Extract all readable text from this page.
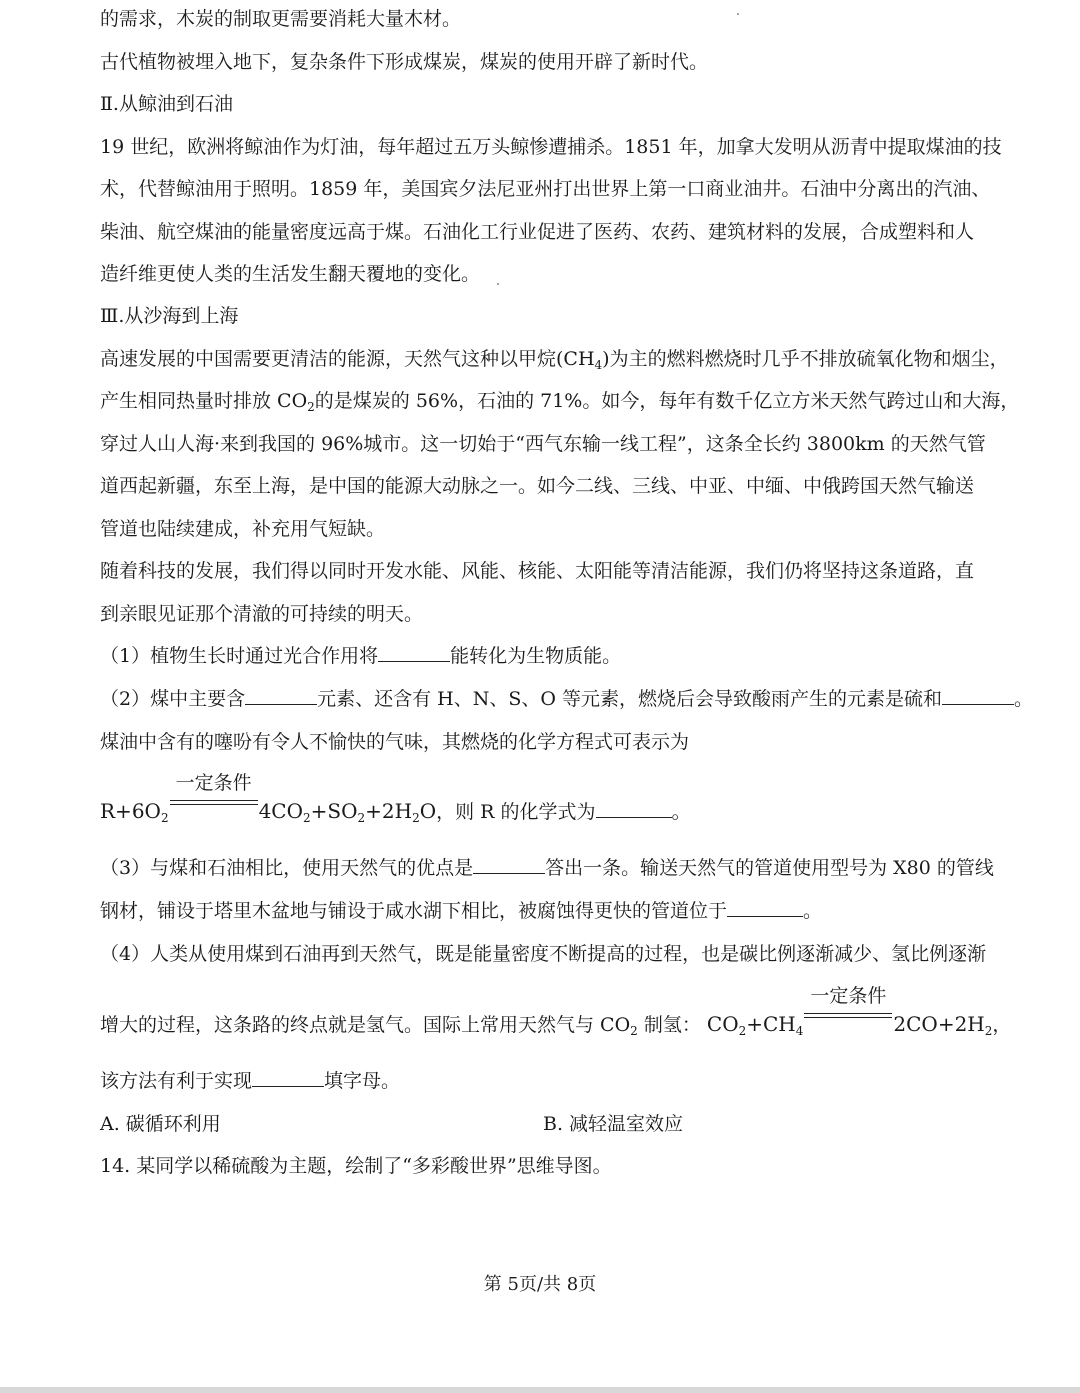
的需求，木炭的制取更需要消耗大量木材。
古代植物被埋入地下，复杂条件下形成煤炭，煤炭的使用开辟了新时代。
Ⅱ.从鲸油到石油
19 世纪，欧洲将鲸油作为灯油，每年超过五万头鲸惨遭捕杀。1851 年，加拿大发明从沥青中提取煤油的技
术，代替鲸油用于照明。1859 年，美国宾夕法尼亚州打出世界上第一口商业油井。石油中分离出的汽油、
柴油、航空煤油的能量密度远高于煤。石油化工行业促进了医药、农药、建筑材料的发展，合成塑料和人
造纤维更使人类的生活发生翻天覆地的变化。
Ⅲ.从沙海到上海
高速发展的中国需要更清洁的能源，天然气这种以甲烷$(CH_4)$为主的燃料燃烧时几乎不排放硫氧化物和烟尘，
产生相同热量时排放 $CO_2$的是煤炭的 56%，石油的 71%。如今，每年有数千亿立方米天然气跨过山和大海，
穿过人山人海·来到我国的 96%城市。这一切始于“西气东输一线工程”，这条全长约 3800km 的天然气管
道西起新疆，东至上海，是中国的能源大动脉之一。如今二线、三线、中亚、中缅、中俄跨国天然气输送
管道也陆续建成，补充用气短缺。
随着科技的发展，我们得以同时开发水能、风能、核能、太阳能等清洁能源，我们仍将坚持这条道路，直
到亲眼见证那个清澈的可持续的明天。
（1）植物生长时通过光合作用将	能转化为生物质能。
（2）煤中主要含	元素、还含有 H、N、S、O 等元素，燃烧后会导致酸雨产生的元素是硫和	。
煤油中含有的噻吩有令人不愉快的气味，其燃烧的化学方程式可表示为
$R+6O_2$
一定条件
$4CO_2+SO_2+2H_2O$，则 R 的化学式为	。
（3）与煤和石油相比，使用天然气的优点是	答出一条。输送天然气的管道使用型号为 X80 的管线
钢材，铺设于塔里木盆地与铺设于咸水湖下相比，被腐蚀得更快的管道位于	。
（4）人类从使用煤到石油再到天然气，既是能量密度不断提高的过程，也是碳比例逐渐减少、氢比例逐渐
增大的过程，这条路的终点就是氢气。国际上常用天然气与 $CO_2$ 制氢： $CO_2+CH_4$
一定条件
$2CO+2H_2$，
该方法有利于实现	填字母。
A. 碳循环利用	B. 减轻温室效应
14. 某同学以稀硫酸为主题，绘制了“多彩酸世界”思维导图。
第 5页/共 8页
